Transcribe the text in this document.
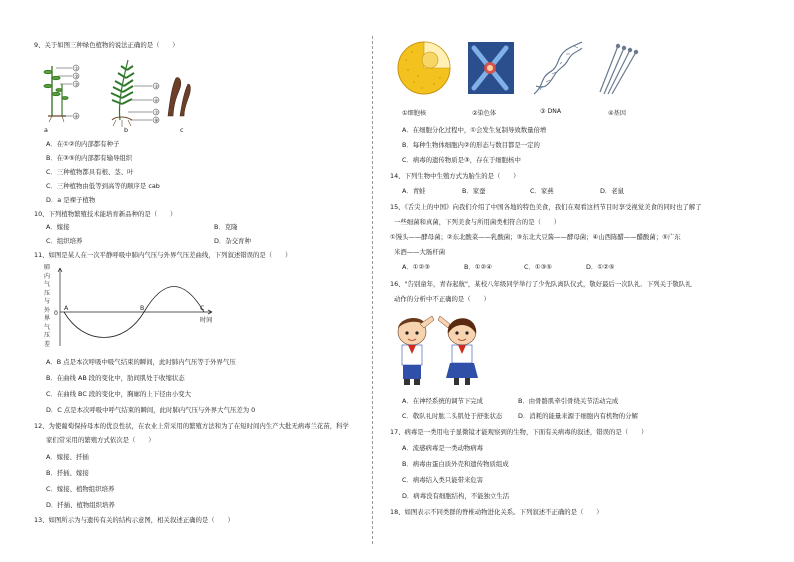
9、关于如图三种绿色植物的说法正确的是（　　）
①
②
③
④
⑤
⑥
⑦
⑧
a	b	c
A．在①②的内部都有种子
B．在③⑤的内部都有输导组织
C．三种植物都具有根、茎、叶
C．三种植物由低等到高等的顺序是 cab
D．a 是裸子植物
10、下列植物繁殖技术能培育新品种的是（　　）
A．嫁接	B．克隆
C．组织培养	D．杂交育种
11、如图是某人在一次平静呼吸中肺内气压与外界气压差曲线，下列叙述错误的是（　　）
肺内气压与外界气压差
0
A	B	C
时间
A．B 点是本次呼吸中吸气结束的瞬间，此时肺内气压等于外界气压
B．在曲线 AB 段的变化中，肋间肌处于收缩状态
C．在曲线 BC 段的变化中，胸廓的上下径由小变大
D．C 点是本次呼吸中呼气结束的瞬间，此时肺内气压与外界大气压差为 0
12、为使葡萄保持母本的优良性状，在农业上常采用的繁殖方法和为了在短时间内生产大批无病毒兰花苗，科学
家们常采用的繁殖方式依次是（　　）
A．嫁接、扦插
B．扦插、嫁接
C．嫁接、植物组织培养
D．扦插、植物组织培养
13、如图所示为与遗传有关的结构示意图，相关叙述正确的是（　　）
①细胞核	②染色体	③ DNA	④基因
A．在细胞分化过程中，①会发生复制导致数量倍增
B．每种生物体细胞内②的形态与数目都是一定的
C．病毒的遗传物质是③，存在于细胞核中
14、下列生物中生殖方式为胎生的是（　　）
A．青蛙	B．家蚕	C．家燕	D．老鼠
15、《舌尖上的中国》向我们介绍了中国各地的特色美食，我们在观看这档节目时享受视觉美食的同时也了解了
一些细菌和真菌，下列美食与所用菌类相符合的是（　　）
①馒头——酵母菌；②东北酸菜——乳酸菌；③东北大豆酱——酵母菌；④山西陈醋——醋酸菌；⑤广东
米酒——大肠杆菌
A．①②③	B．①②④	C．①③⑤	D．①②⑤
16、"告别童年，青春起航"，某校八年级同学举行了少先队离队仪式，敬好最后一次队礼．下列关于敬队礼
动作的分析中不正确的是（　　）
A．在神经系统的调节下完成	B．由骨骼肌牵引骨绕关节活动完成
C．敬队礼时肱二头肌处于舒张状态 D．消耗的能量来源于细胞内有机物的分解
17、病毒是一类用电子显微镜才能观察到的生物，下面有关病毒的叙述，错误的是（　　）
A．流感病毒是一类动物病毒
B．病毒由蛋白质外壳和遗传物质组成
C．病毒结入类只能带来危害
D．病毒没有细胞结构，不能独立生活
18、如图表示不同类群的脊椎动物进化关系。下列叙述不正确的是（　　）
